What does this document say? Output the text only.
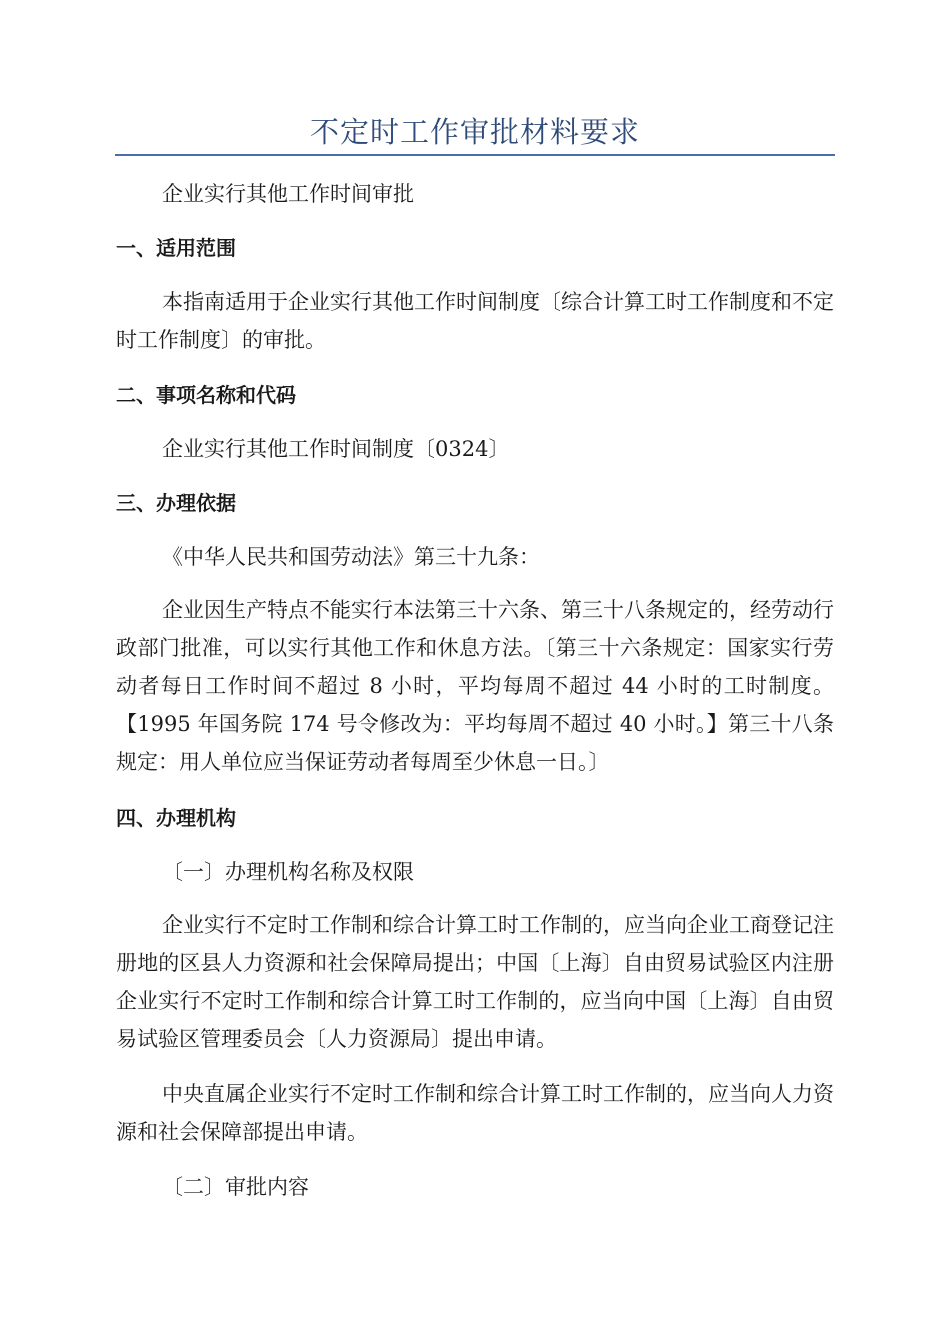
不定时工作审批材料要求

企业实行其他工作时间审批

一、适用范围

本指南适用于企业实行其他工作时间制度〔综合计算工时工作制度和不定时工作制度〕的审批。

二、事项名称和代码

企业实行其他工作时间制度〔0324〕

三、办理依据

《中华人民共和国劳动法》第三十九条：

企业因生产特点不能实行本法第三十六条、第三十八条规定的，经劳动行政部门批准，可以实行其他工作和休息方法。〔第三十六条规定：国家实行劳动者每日工作时间不超过 8 小时，平均每周不超过 44 小时的工时制度。【1995 年国务院 174 号令修改为：平均每周不超过 40 小时。】第三十八条规定：用人单位应当保证劳动者每周至少休息一日。〕

四、办理机构

〔一〕办理机构名称及权限

企业实行不定时工作制和综合计算工时工作制的，应当向企业工商登记注册地的区县人力资源和社会保障局提出；中国〔上海〕自由贸易试验区内注册企业实行不定时工作制和综合计算工时工作制的，应当向中国〔上海〕自由贸易试验区管理委员会〔人力资源局〕提出申请。

中央直属企业实行不定时工作制和综合计算工时工作制的，应当向人力资源和社会保障部提出申请。

〔二〕审批内容
